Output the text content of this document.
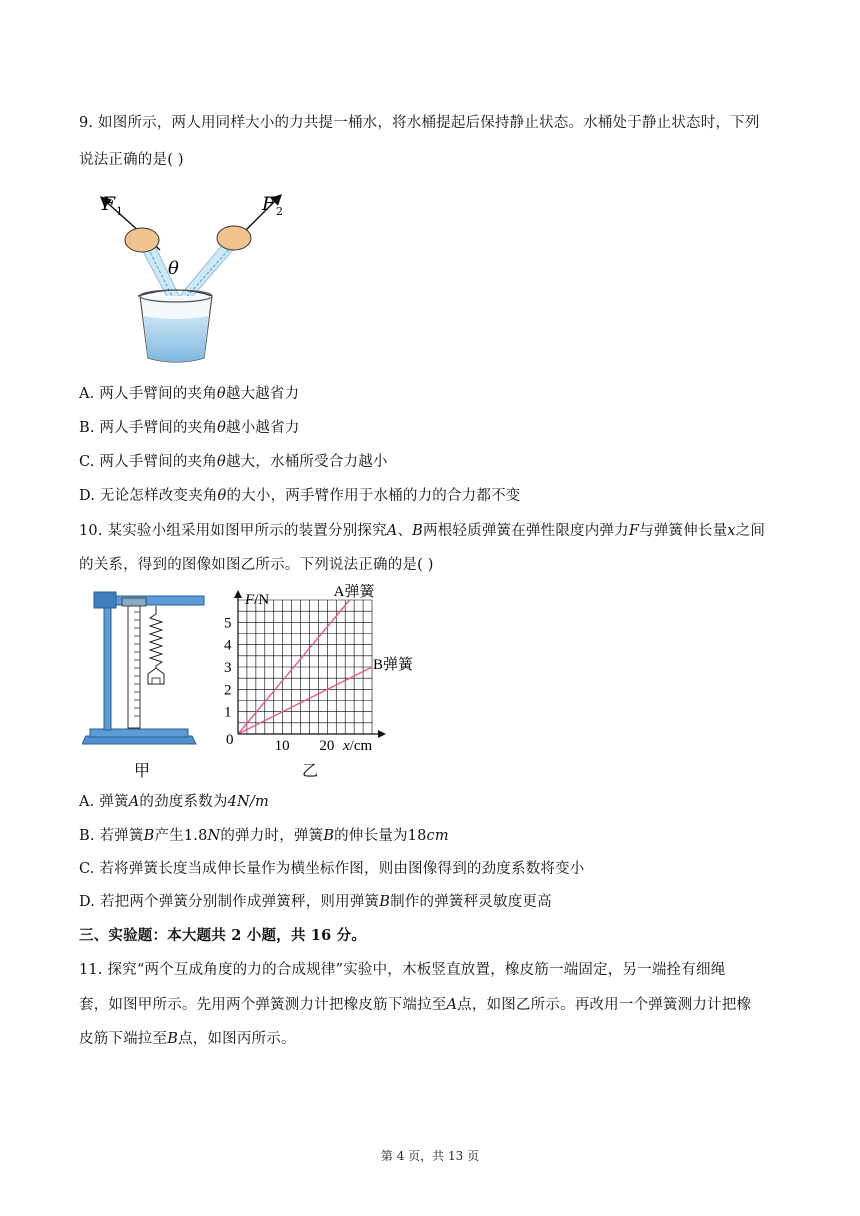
9. 如图所示，两人用同样大小的力共提一桶水，将水桶提起后保持静止状态。水桶处于静止状态时，下列
说法正确的是( )
F 1	F 2
θ
A. 两人手臂间的夹角θ越大越省力
B. 两人手臂间的夹角θ越小越省力
C. 两人手臂间的夹角θ越大，水桶所受合力越小
D. 无论怎样改变夹角θ的大小，两手臂作用于水桶的力的合力都不变
10. 某实验小组采用如图甲所示的装置分别探究A、B两根轻质弹簧在弹性限度内弹力F与弹簧伸长量x之间
的关系，得到的图像如图乙所示。下列说法正确的是( )
甲
A弹簧
B弹簧
F/N
x/cm
0	10 20
1
2
3
4
5
乙
A. 弹簧A的劲度系数为4N/m
B. 若弹簧B产生1.8N的弹力时，弹簧B的伸长量为18cm
C. 若将弹簧长度当成伸长量作为横坐标作图，则由图像得到的劲度系数将变小
D. 若把两个弹簧分别制作成弹簧秤，则用弹簧B制作的弹簧秤灵敏度更高
三、实验题：本大题共 2 小题，共 16 分。
11. 探究“两个互成角度的力的合成规律”实验中，木板竖直放置，橡皮筋一端固定，另一端拴有细绳
套，如图甲所示。先用两个弹簧测力计把橡皮筋下端拉至A点，如图乙所示。再改用一个弹簧测力计把橡
皮筋下端拉至B点，如图丙所示。
第 4 页，共 13 页
